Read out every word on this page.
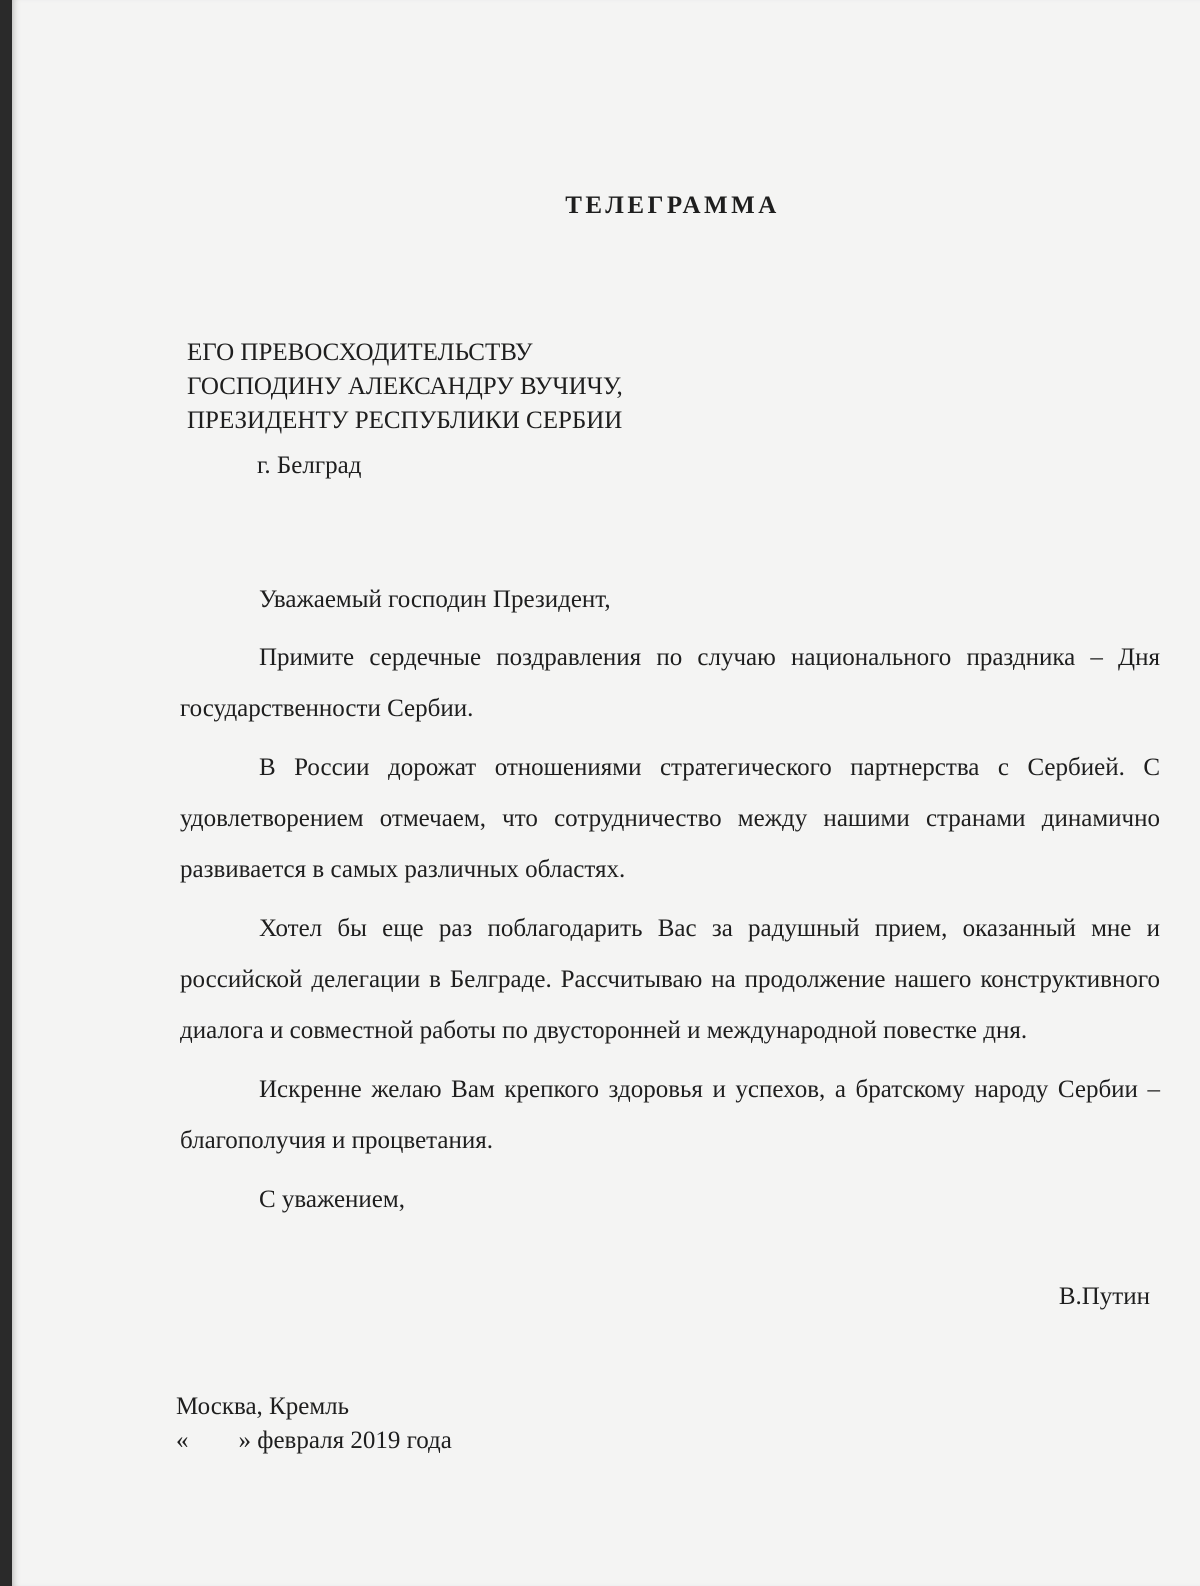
ТЕЛЕГРАММА
ЕГО ПРЕВОСХОДИТЕЛЬСТВУ
ГОСПОДИНУ АЛЕКСАНДРУ ВУЧИЧУ,
ПРЕЗИДЕНТУ РЕСПУБЛИКИ СЕРБИИ
г. Белград

Уважаемый господин Президент,

Примите сердечные поздравления по случаю национального праздника – Дня государственности Сербии.

В России дорожат отношениями стратегического партнерства с Сербией. С удовлетворением отмечаем, что сотрудничество между нашими странами динамично развивается в самых различных областях.

Хотел бы еще раз поблагодарить Вас за радушный прием, оказанный мне и российской делегации в Белграде. Рассчитываю на продолжение нашего конструктивного диалога и совместной работы по двусторонней и международной повестке дня.

Искренне желаю Вам крепкого здоровья и успехов, а братскому народу Сербии – благополучия и процветания.

С уважением,

В.Путин
Москва, Кремль
« » февраля 2019 года
